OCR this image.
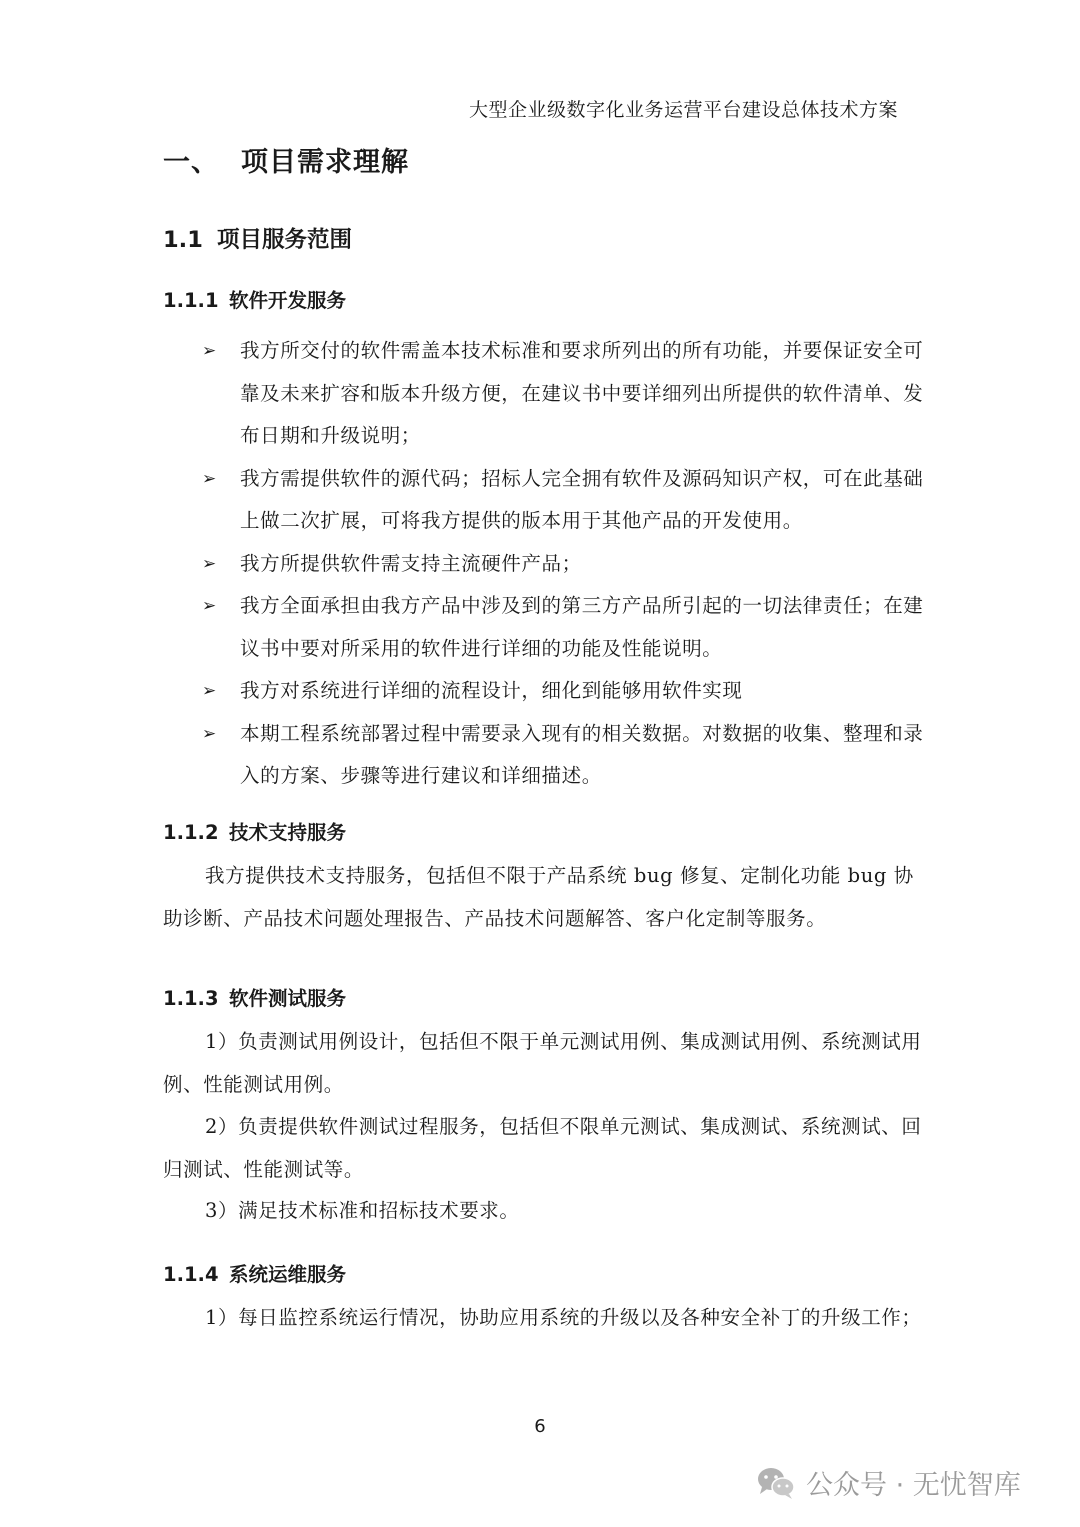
大型企业级数字化业务运营平台建设总体技术方案
一、 项目需求理解
1.1 项目服务范围
1.1.1 软件开发服务
➢ 我方所交付的软件需盖本技术标准和要求所列出的所有功能，并要保证安全可靠及未来扩容和版本升级方便，在建议书中要详细列出所提供的软件清单、发布日期和升级说明；
➢ 我方需提供软件的源代码；招标人完全拥有软件及源码知识产权，可在此基础上做二次扩展，可将我方提供的版本用于其他产品的开发使用。
➢ 我方所提供软件需支持主流硬件产品；
➢ 我方全面承担由我方产品中涉及到的第三方产品所引起的一切法律责任；在建议书中要对所采用的软件进行详细的功能及性能说明。
➢ 我方对系统进行详细的流程设计，细化到能够用软件实现
➢ 本期工程系统部署过程中需要录入现有的相关数据。对数据的收集、整理和录入的方案、步骤等进行建议和详细描述。
1.1.2 技术支持服务

我方提供技术支持服务，包括但不限于产品系统 bug 修复、定制化功能 bug 协助诊断、产品技术问题处理报告、产品技术问题解答、客户化定制等服务。

1.1.3 软件测试服务

1）负责测试用例设计，包括但不限于单元测试用例、集成测试用例、系统测试用例、性能测试用例。

2）负责提供软件测试过程服务，包括但不限单元测试、集成测试、系统测试、回归测试、性能测试等。

3）满足技术标准和招标技术要求。

1.1.4 系统运维服务

1）每日监控系统运行情况，协助应用系统的升级以及各种安全补丁的升级工作；

6
公众号 · 无忧智库
